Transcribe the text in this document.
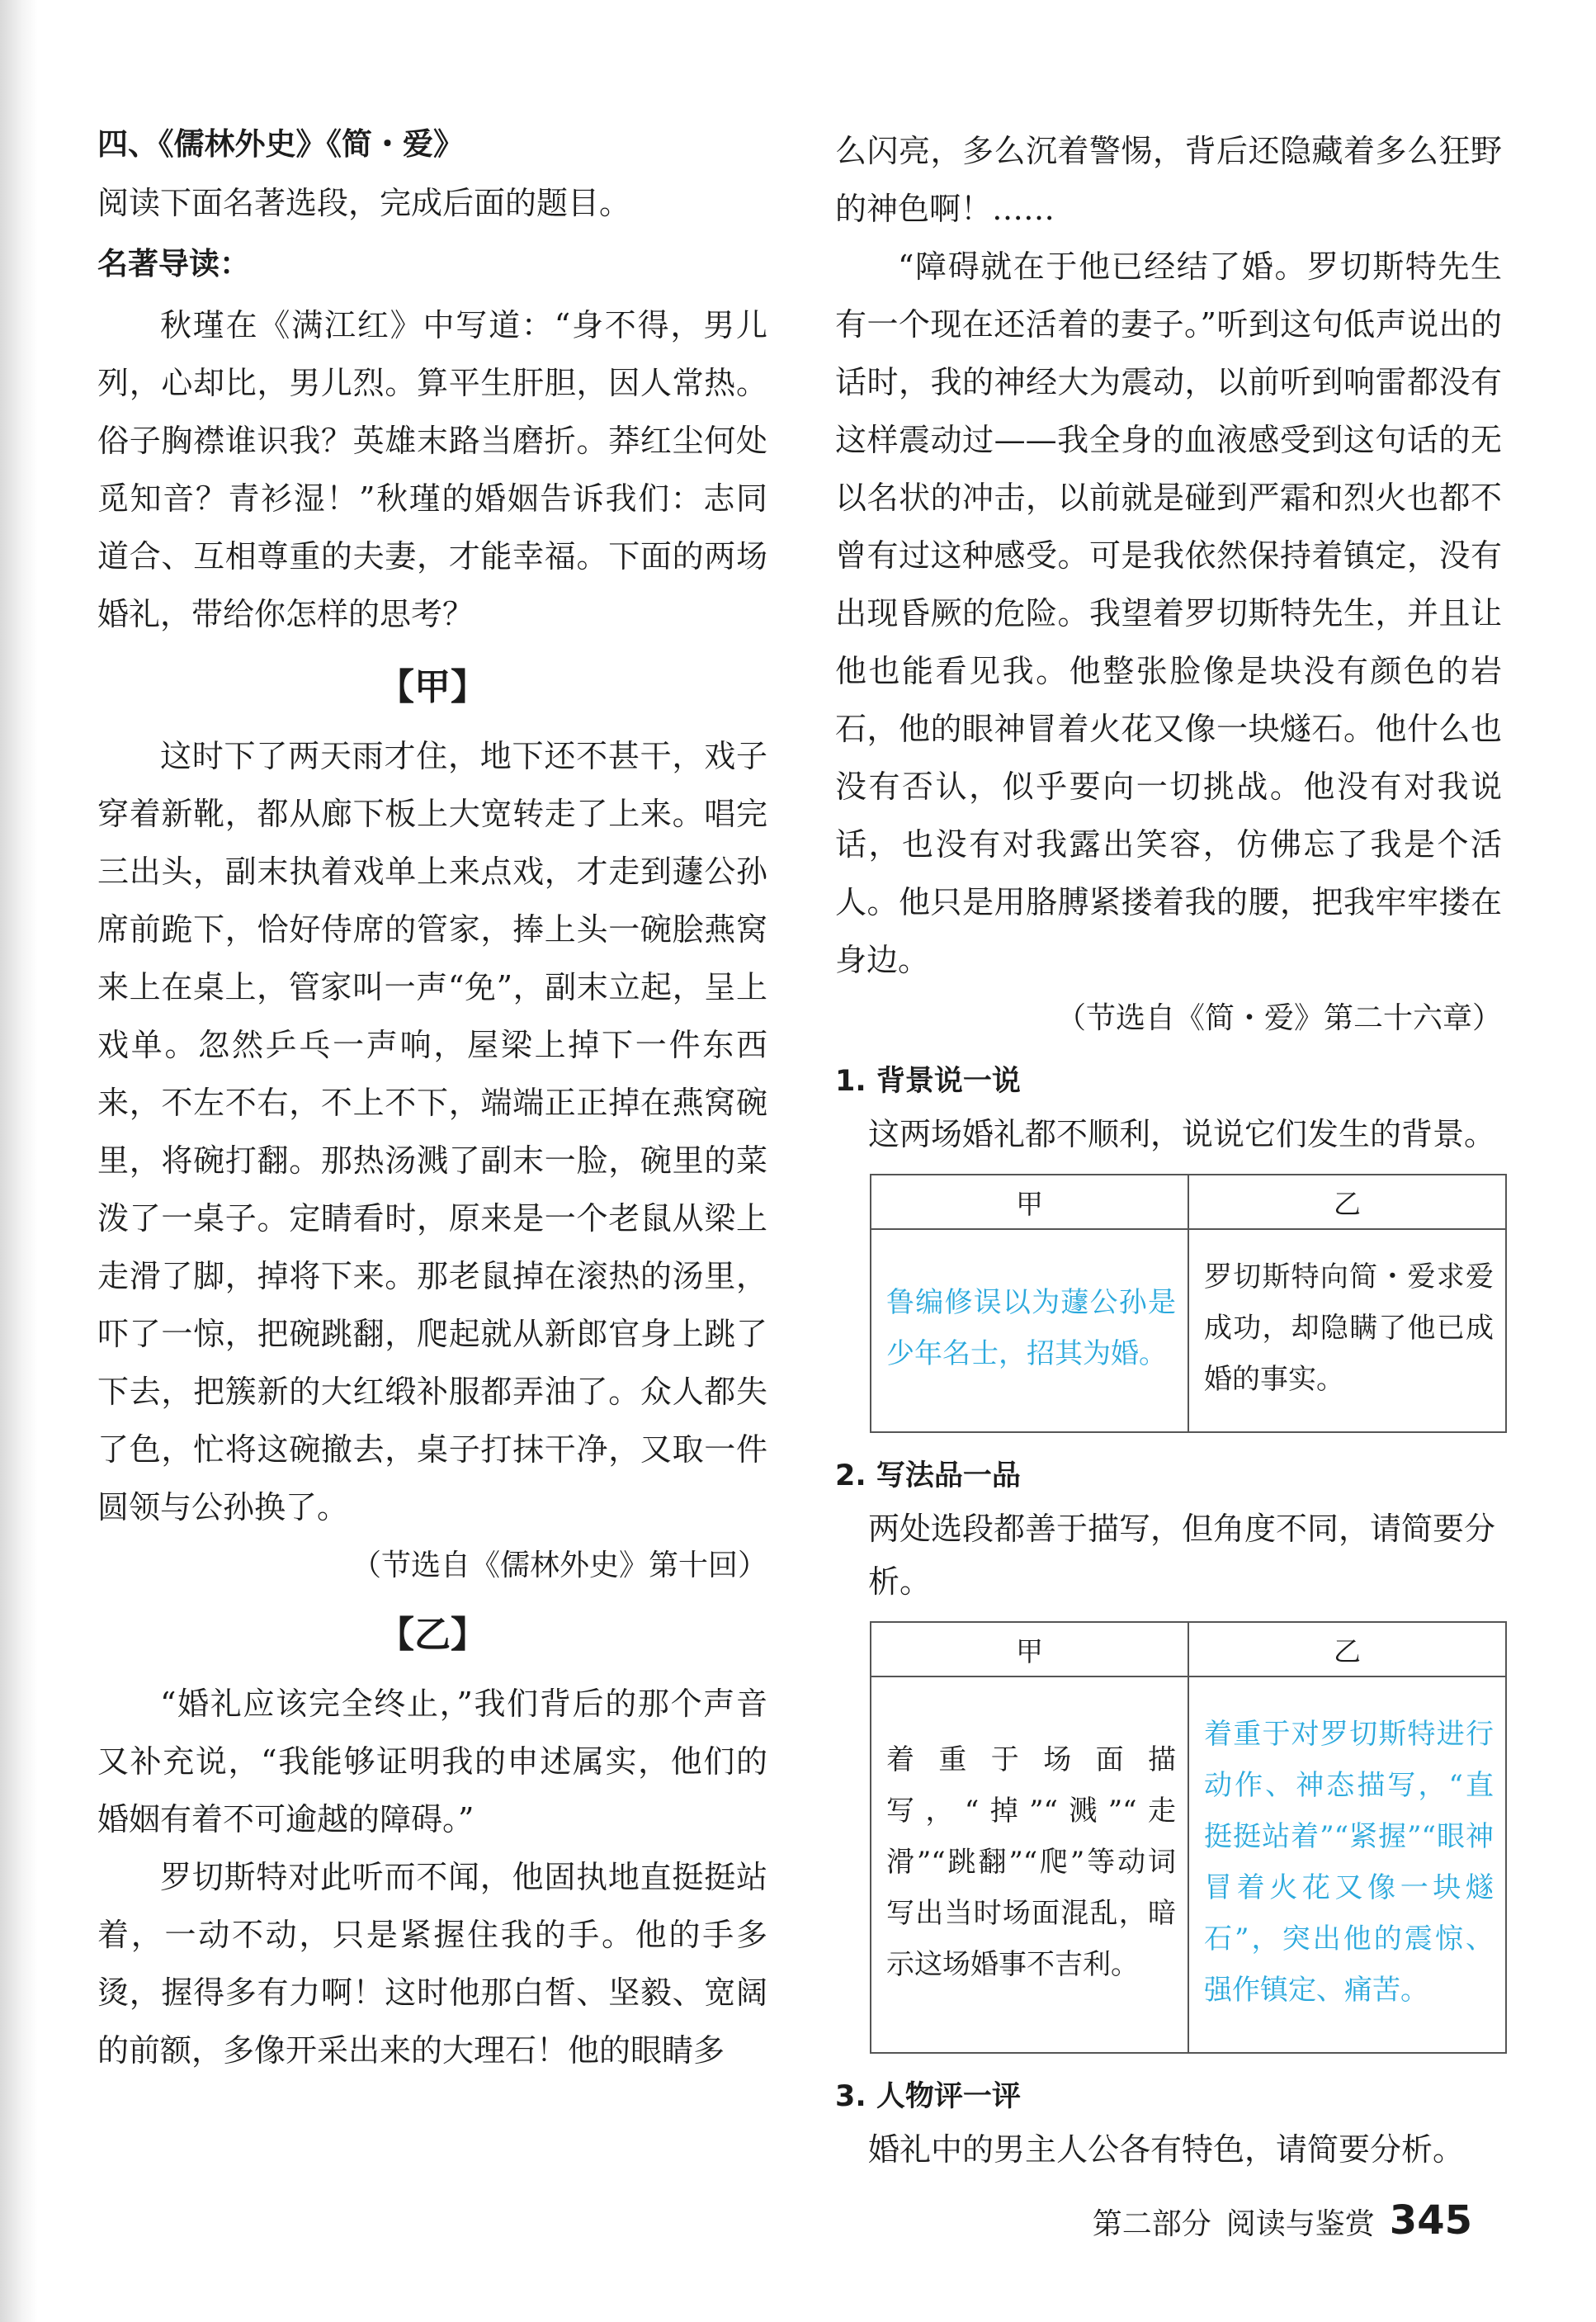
四、《儒林外史》《简・爱》

阅读下面名著选段，完成后面的题目。

名著导读：

秋瑾在《满江红》中写道：“身不得，男儿列，心却比，男儿烈。算平生肝胆，因人常热。俗子胸襟谁识我？英雄末路当磨折。莽红尘何处觅知音？青衫湿！”秋瑾的婚姻告诉我们：志同道合、互相尊重的夫妻，才能幸福。下面的两场婚礼，带给你怎样的思考？

【甲】

这时下了两天雨才住，地下还不甚干，戏子穿着新靴，都从廊下板上大宽转走了上来。唱完三出头，副末执着戏单上来点戏，才走到蘧公孙席前跪下，恰好侍席的管家，捧上头一碗脍燕窝来上在桌上，管家叫一声“免”，副末立起，呈上戏单。忽然乒乓一声响，屋梁上掉下一件东西来，不左不右，不上不下，端端正正掉在燕窝碗里，将碗打翻。那热汤溅了副末一脸，碗里的菜泼了一桌子。定睛看时，原来是一个老鼠从梁上走滑了脚，掉将下来。那老鼠掉在滚热的汤里，吓了一惊，把碗跳翻，爬起就从新郎官身上跳了下去，把簇新的大红缎补服都弄油了。众人都失了色，忙将这碗撤去，桌子打抹干净，又取一件圆领与公孙换了。

（节选自《儒林外史》第十回）

【乙】

“婚礼应该完全终止，”我们背后的那个声音又补充说，“我能够证明我的申述属实，他们的婚姻有着不可逾越的障碍。”

罗切斯特对此听而不闻，他固执地直挺挺站着，一动不动，只是紧握住我的手。他的手多烫，握得多有力啊！这时他那白皙、坚毅、宽阔的前额，多像开采出来的大理石！他的眼睛多

么闪亮，多么沉着警惕，背后还隐藏着多么狂野的神色啊！……

“障碍就在于他已经结了婚。罗切斯特先生有一个现在还活着的妻子。”听到这句低声说出的话时，我的神经大为震动，以前听到响雷都没有这样震动过——我全身的血液感受到这句话的无以名状的冲击，以前就是碰到严霜和烈火也都不曾有过这种感受。可是我依然保持着镇定，没有出现昏厥的危险。我望着罗切斯特先生，并且让他也能看见我。他整张脸像是块没有颜色的岩石，他的眼神冒着火花又像一块燧石。他什么也没有否认，似乎要向一切挑战。他没有对我说话，也没有对我露出笑容，仿佛忘了我是个活人。他只是用胳膊紧搂着我的腰，把我牢牢搂在身边。

（节选自《简・爱》第二十六章）

1. 背景说一说

这两场婚礼都不顺利，说说它们发生的背景。

甲	乙
鲁编修误以为蘧公孙是少年名士，招其为婚。	罗切斯特向简・爱求爱成功，却隐瞒了他已成婚的事实。

2. 写法品一品

两处选段都善于描写，但角度不同，请简要分析。

甲	乙
着重于场面描写，“掉”“溅”“走滑”“跳翻”“爬”等动词写出当时场面混乱，暗示这场婚事不吉利。	着重于对罗切斯特进行动作、神态描写，“直挺挺站着”“紧握”“眼神冒着火花又像一块燧石”，突出他的震惊、强作镇定、痛苦。

3. 人物评一评

婚礼中的男主人公各有特色，请简要分析。

第二部分 阅读与鉴赏 345
